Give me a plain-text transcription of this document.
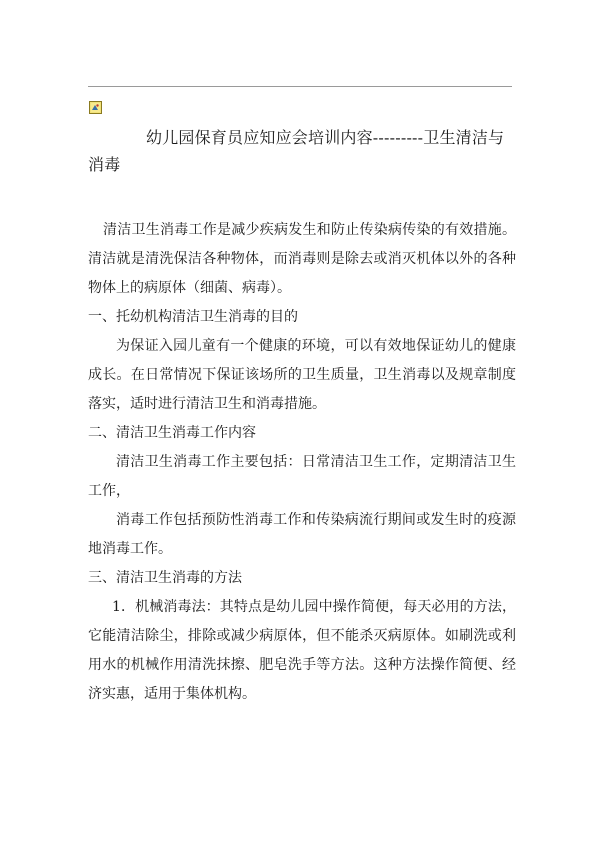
幼儿园保育员应知应会培训内容---------卫生清洁与消毒

清洁卫生消毒工作是减少疾病发生和防止传染病传染的有效措施。清洁就是清洗保洁各种物体，而消毒则是除去或消灭机体以外的各种物体上的病原体（细菌、病毒）。

一、托幼机构清洁卫生消毒的目的

为保证入园儿童有一个健康的环境，可以有效地保证幼儿的健康成长。在日常情况下保证该场所的卫生质量，卫生消毒以及规章制度落实，适时进行清洁卫生和消毒措施。

二、清洁卫生消毒工作内容

清洁卫生消毒工作主要包括：日常清洁卫生工作，定期清洁卫生工作，

消毒工作包括预防性消毒工作和传染病流行期间或发生时的疫源地消毒工作。

三、清洁卫生消毒的方法

1．机械消毒法：其特点是幼儿园中操作简便，每天必用的方法，它能清洁除尘，排除或减少病原体，但不能杀灭病原体。如刷洗或利用水的机械作用清洗抹擦、肥皂洗手等方法。这种方法操作简便、经济实惠，适用于集体机构。
